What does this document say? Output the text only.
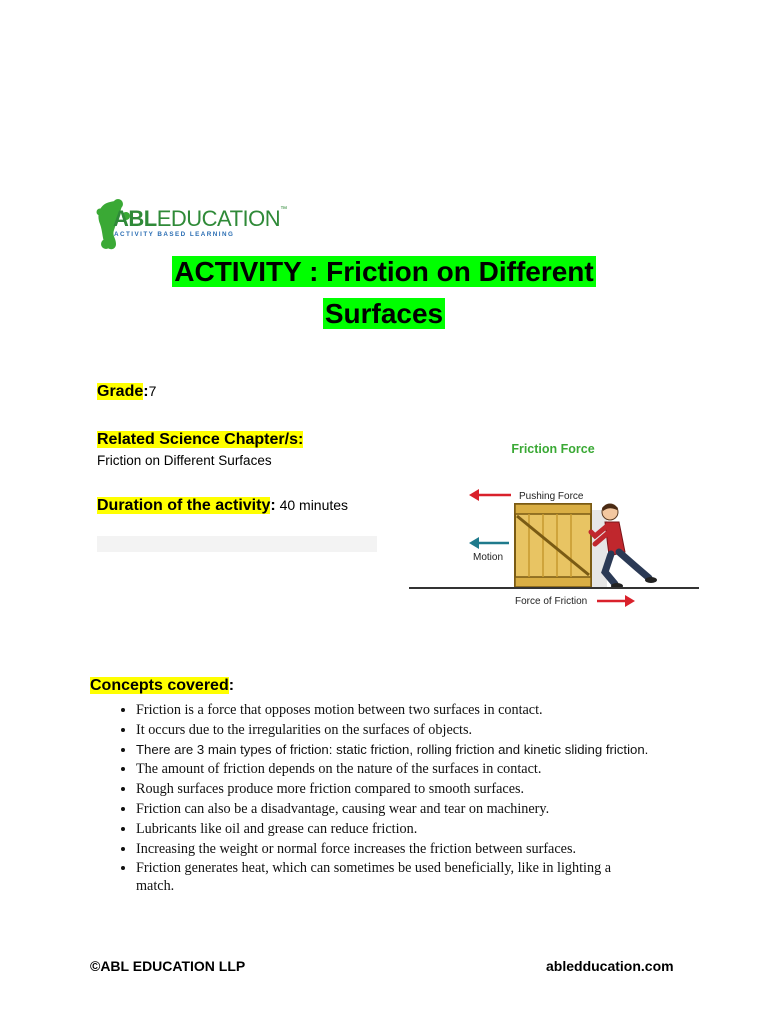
ABLEDUCATION™
ACTIVITY BASED LEARNING
ACTIVITY : Friction on Different
Surfaces
Grade:7
Related Science Chapter/s:
Friction on Different Surfaces
Duration of the activity: 40 minutes
Friction Force
Pushing Force
Motion
Force of Friction
Concepts covered:
• Friction is a force that opposes motion between two surfaces in contact.
• It occurs due to the irregularities on the surfaces of objects.
• There are 3 main types of friction: static friction, rolling friction and kinetic sliding friction.
• The amount of friction depends on the nature of the surfaces in contact.
• Rough surfaces produce more friction compared to smooth surfaces.
• Friction can also be a disadvantage, causing wear and tear on machinery.
• Lubricants like oil and grease can reduce friction.
• Increasing the weight or normal force increases the friction between surfaces.
• Friction generates heat, which can sometimes be used beneficially, like in lighting a match.
©ABL EDUCATION LLP	abledducation.com
